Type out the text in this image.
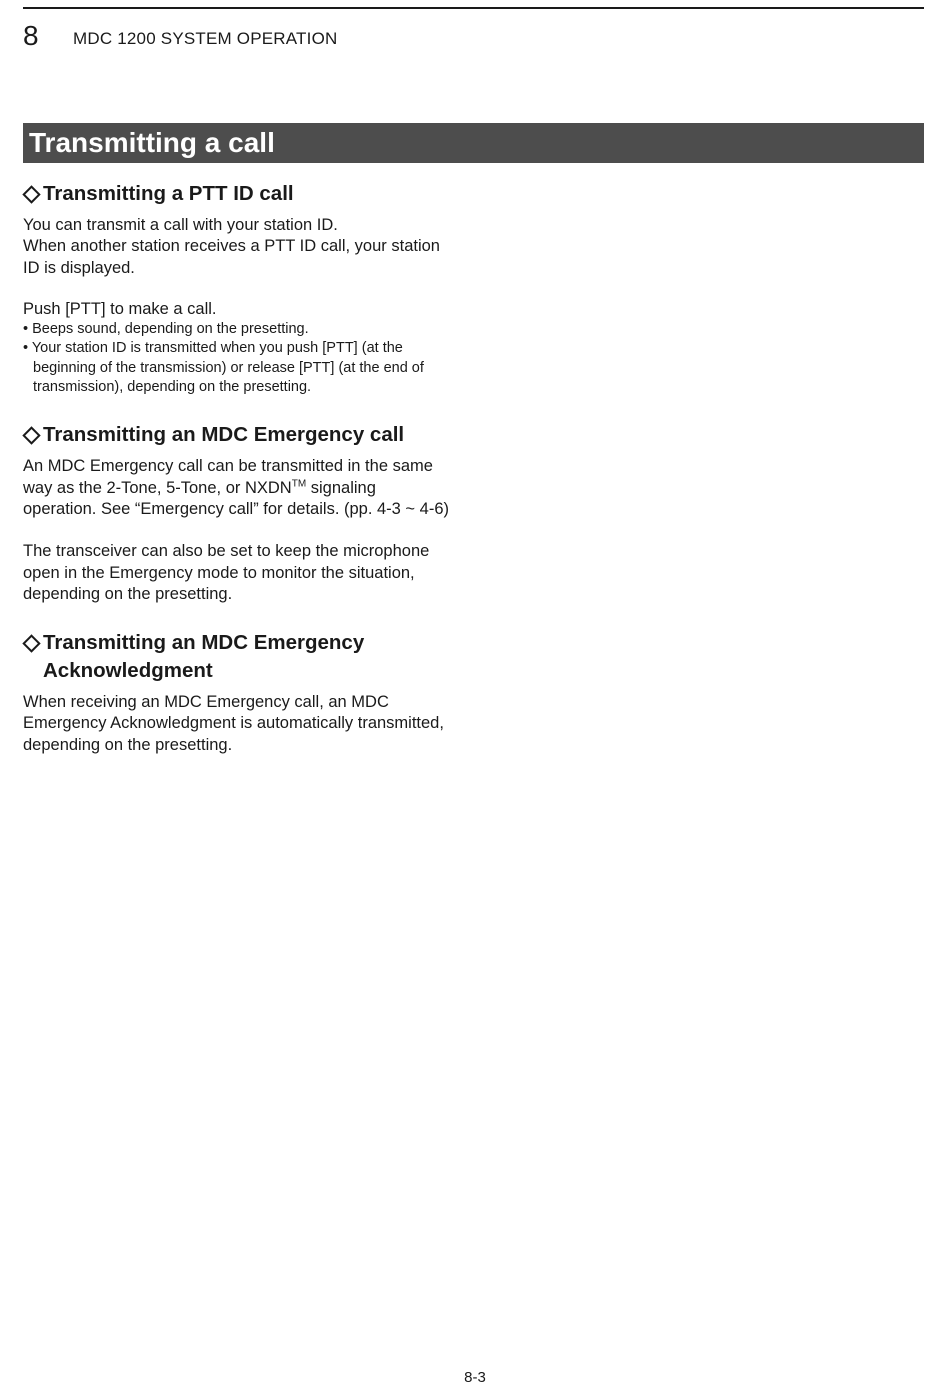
8 MDC 1200 SYSTEM OPERATION
Transmitting a call
Transmitting a PTT ID call

You can transmit a call with your station ID.

When another station receives a PTT ID call, your station ID is displayed.

Push [PTT] to make a call.

• Beeps sound, depending on the presetting.

• Your station ID is transmitted when you push [PTT] (at the beginning of the transmission) or release [PTT] (at the end of transmission), depending on the presetting.

Transmitting an MDC Emergency call

An MDC Emergency call can be transmitted in the same way as the 2-Tone, 5-Tone, or NXDN™ signaling operation. See “Emergency call” for details. (pp. 4-3 ~ 4-6)

The transceiver can also be set to keep the microphone open in the Emergency mode to monitor the situation, depending on the presetting.

Transmitting an MDC Emergency
Acknowledgment

When receiving an MDC Emergency call, an MDC Emergency Acknowledgment is automatically transmitted, depending on the presetting.

8-3
